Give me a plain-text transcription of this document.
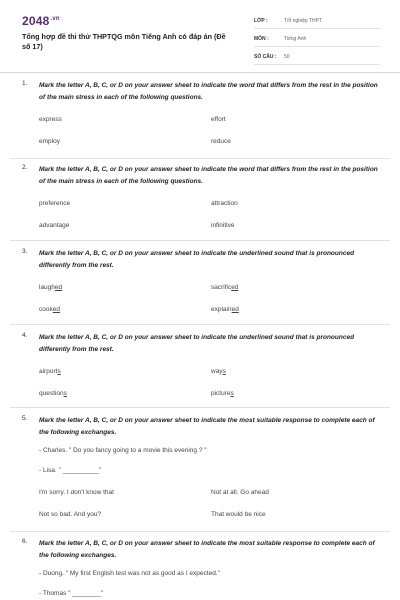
$2048^{.vn}$
Tổng hợp đề thi thử THPTQG môn Tiếng Anh có đáp án (Đề số 17)
LỚP :	Tốt nghiệp THPT
MÔN :	Tiếng Anh
SỐ CÂU :	50
1. Mark the letter A, B, C, or D on your answer sheet to indicate the word that differs from the rest in the position of the main stress in each of the following questions.
express	effort
employ	reduce
2. Mark the letter A, B, C, or D on your answer sheet to indicate the word that differs from the rest in the position of the main stress in each of the following questions.
preference	attraction
advantage	infinitive
3. Mark the letter A, B, C, or D on your answer sheet to indicate the underlined sound that is pronounced differently from the rest.
laughed	sacrificed
cooked	explained
4. Mark the letter A, B, C, or D on your answer sheet to indicate the underlined sound that is pronounced differently from the rest.
airports	ways
questions	pictures
5. Mark the letter A, B, C, or D on your answer sheet to indicate the most suitable response to complete each of the following exchanges.
- Charles. " Do you fancy going to a movie this evening ? "
- Lisa. " __________"
I'm sorry. I don't know that	Not at all. Go ahead
Not so bad. And you?	That would be nice
6. Mark the letter A, B, C, or D on your answer sheet to indicate the most suitable response to complete each of the following exchanges.
- Duong. " My first English test was not as good as I expected."
- Thomas " ________"
